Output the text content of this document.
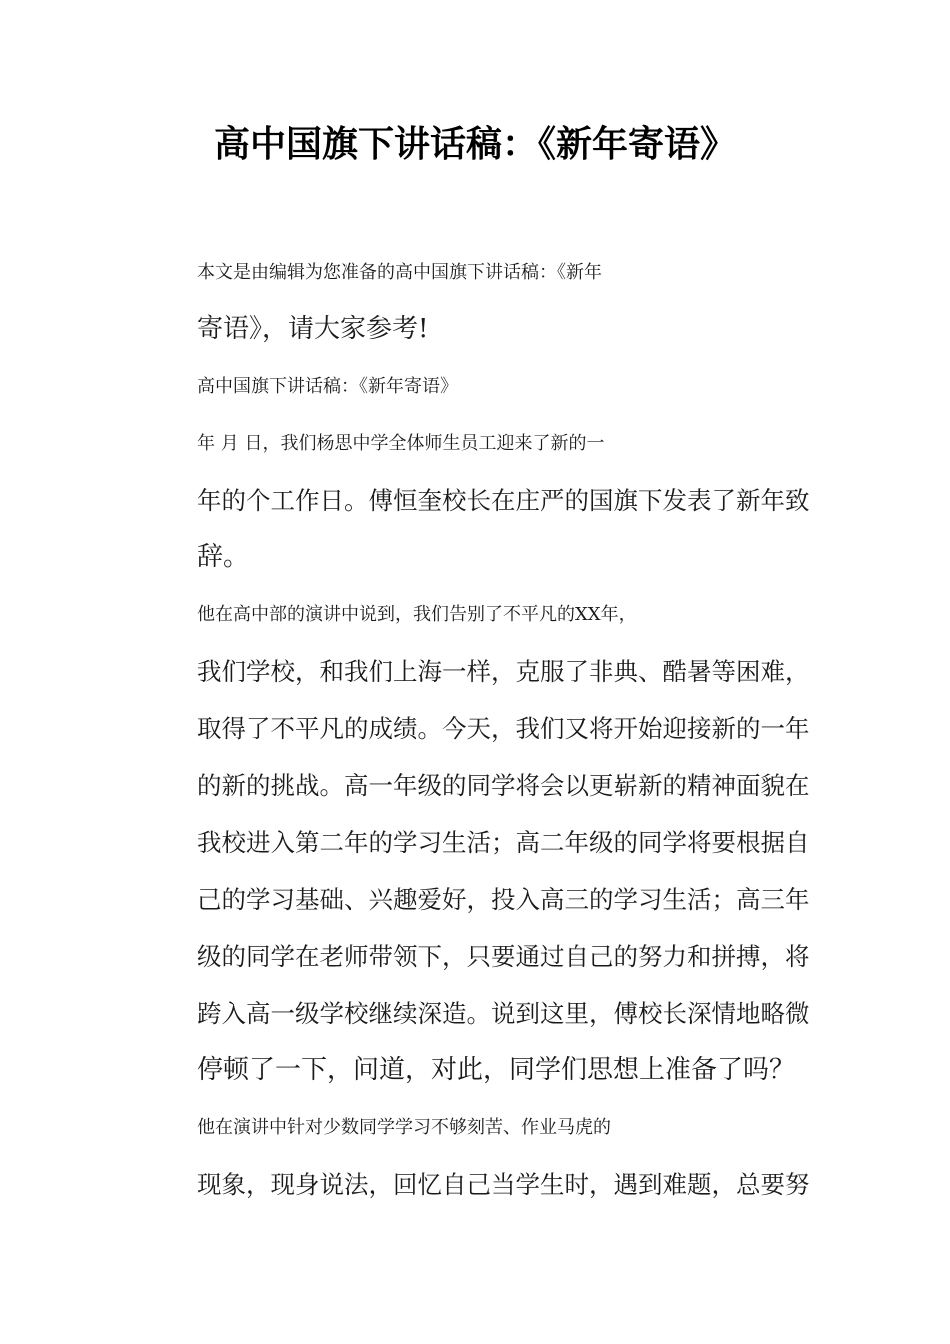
高中国旗下讲话稿：《新年寄语》

本文是由编辑为您准备的高中国旗下讲话稿：《新年
寄语》，请大家参考!

高中国旗下讲话稿：《新年寄语》

年 月 日，我们杨思中学全体师生员工迎来了新的一
年的个工作日。傅恒奎校长在庄严的国旗下发表了新年致
辞。

他在高中部的演讲中说到，我们告别了不平凡的XX年，
我们学校，和我们上海一样，克服了非典、酷暑等困难，
取得了不平凡的成绩。今天，我们又将开始迎接新的一年
的新的挑战。高一年级的同学将会以更崭新的精神面貌在
我校进入第二年的学习生活；高二年级的同学将要根据自
己的学习基础、兴趣爱好，投入高三的学习生活；高三年
级的同学在老师带领下，只要通过自己的努力和拼搏，将
跨入高一级学校继续深造。说到这里，傅校长深情地略微
停顿了一下，问道，对此，同学们思想上准备了吗？

他在演讲中针对少数同学学习不够刻苦、作业马虎的
现象，现身说法，回忆自己当学生时，遇到难题，总要努
